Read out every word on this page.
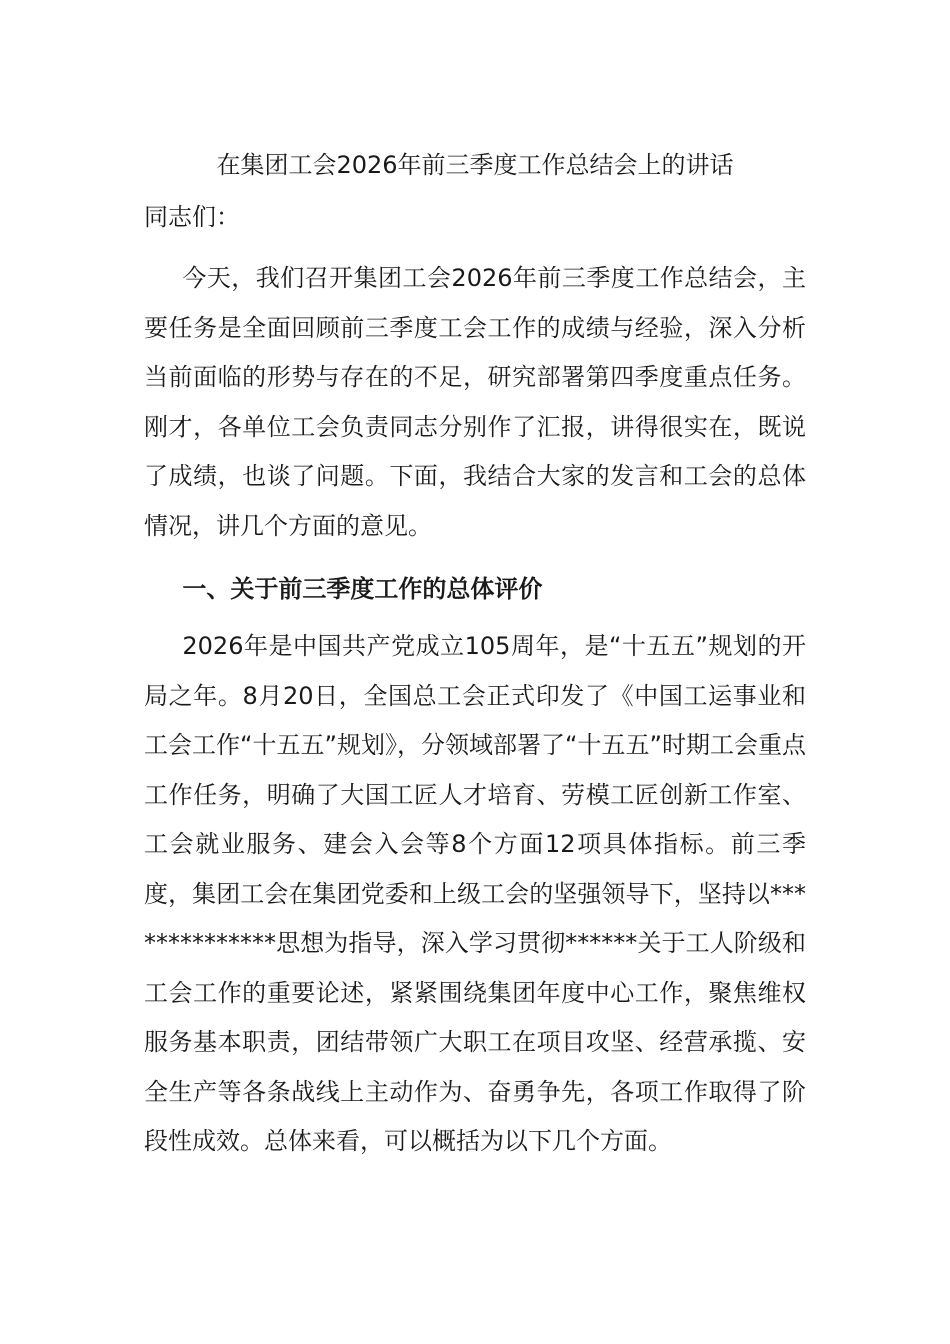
在集团工会2026年前三季度工作总结会上的讲话

同志们：

今天，我们召开集团工会2026年前三季度工作总结会，主要任务是全面回顾前三季度工会工作的成绩与经验，深入分析当前面临的形势与存在的不足，研究部署第四季度重点任务。刚才，各单位工会负责同志分别作了汇报，讲得很实在，既说了成绩，也谈了问题。下面，我结合大家的发言和工会的总体情况，讲几个方面的意见。

一、关于前三季度工作的总体评价

2026年是中国共产党成立105周年，是“十五五”规划的开局之年。8月20日，全国总工会正式印发了《中国工运事业和工会工作“十五五”规划》，分领域部署了“十五五”时期工会重点工作任务，明确了大国工匠人才培育、劳模工匠创新工作室、工会就业服务、建会入会等8个方面12项具体指标。前三季度，集团工会在集团党委和上级工会的坚强领导下，坚持以**************思想为指导，深入学习贯彻******关于工人阶级和工会工作的重要论述，紧紧围绕集团年度中心工作，聚焦维权服务基本职责，团结带领广大职工在项目攻坚、经营承揽、安全生产等各条战线上主动作为、奋勇争先，各项工作取得了阶段性成效。总体来看，可以概括为以下几个方面。
